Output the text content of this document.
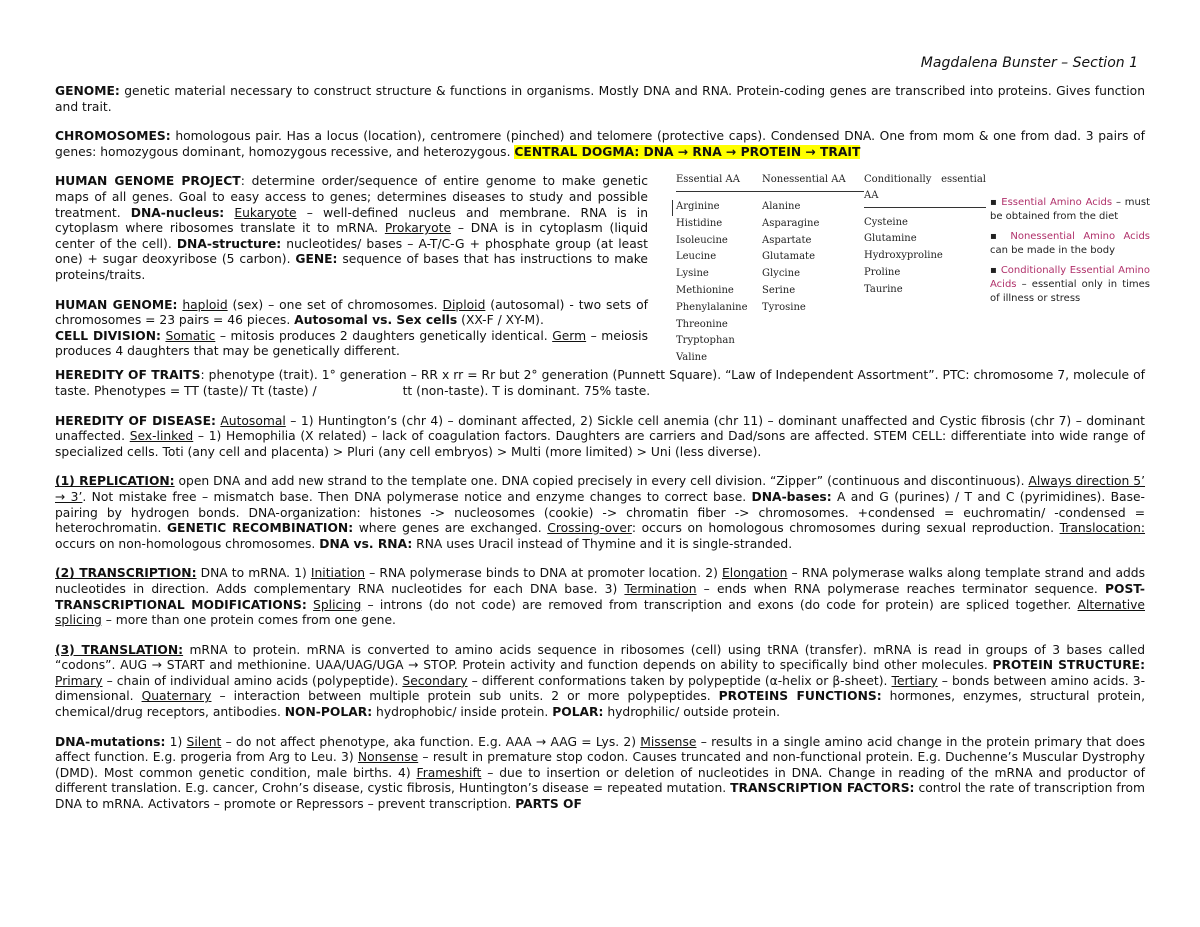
Magdalena Bunster – Section 1

GENOME: genetic material necessary to construct structure & functions in organisms. Mostly DNA and RNA. Protein-coding genes are transcribed into proteins. Gives function and trait.

CHROMOSOMES: homologous pair. Has a locus (location), centromere (pinched) and telomere (protective caps). Condensed DNA. One from mom & one from dad. 3 pairs of genes: homozygous dominant, homozygous recessive, and heterozygous. CENTRAL DOGMA: DNA → RNA → PROTEIN → TRAIT

HUMAN GENOME PROJECT: determine order/sequence of entire genome to make genetic maps of all genes. Goal to easy access to genes; determines diseases to study and possible treatment. DNA-nucleus: Eukaryote – well-defined nucleus and membrane. RNA is in cytoplasm where ribosomes translate it to mRNA. Prokaryote – DNA is in cytoplasm (liquid center of the cell). DNA-structure: nucleotides/ bases – A-T/C-G + phosphate group (at least one) + sugar deoxyribose (5 carbon). GENE: sequence of bases that has instructions to make proteins/traits.

HUMAN GENOME: haploid (sex) – one set of chromosomes. Diploid (autosomal) - two sets of chromosomes = 23 pairs = 46 pieces. Autosomal vs. Sex cells (XX-F / XY-M).
CELL DIVISION: Somatic – mitosis produces 2 daughters genetically identical. Germ – meiosis produces 4 daughters that may be genetically different.

Essential AA
Arginine
Histidine
Isoleucine
Leucine
Lysine
Methionine
Phenylalanine
Threonine
Tryptophan
Valine
Nonessential AA
Alanine
Asparagine
Aspartate
Glutamate
Glycine
Serine
Tyrosine
Conditionally essential AA
Cysteine
Glutamine
Hydroxyproline
Proline
Taurine
▪ Essential Amino Acids – must be obtained from the diet
▪ Nonessential Amino Acids can be made in the body
▪ Conditionally Essential Amino Acids – essential only in times of illness or stress

HEREDITY OF TRAITS: phenotype (trait). 1° generation – RR x rr = Rr but 2° generation (Punnett Square). “Law of Independent Assortment”. PTC: chromosome 7, molecule of taste. Phenotypes = TT (taste)/ Tt (taste) /	tt (non-taste). T is dominant. 75% taste.

HEREDITY OF DISEASE: Autosomal – 1) Huntington’s (chr 4) – dominant affected, 2) Sickle cell anemia (chr 11) – dominant unaffected and Cystic fibrosis (chr 7) – dominant unaffected. Sex-linked – 1) Hemophilia (X related) – lack of coagulation factors. Daughters are carriers and Dad/sons are affected. STEM CELL: differentiate into wide range of specialized cells. Toti (any cell and placenta) > Pluri (any cell embryos) > Multi (more limited) > Uni (less diverse).

(1) REPLICATION: open DNA and add new strand to the template one. DNA copied precisely in every cell division. “Zipper” (continuous and discontinuous). Always direction 5’ → 3’. Not mistake free – mismatch base. Then DNA polymerase notice and enzyme changes to correct base. DNA-bases: A and G (purines) / T and C (pyrimidines). Base-pairing by hydrogen bonds. DNA-organization: histones -> nucleosomes (cookie) -> chromatin fiber -> chromosomes. +condensed = euchromatin/ -condensed = heterochromatin. GENETIC RECOMBINATION: where genes are exchanged. Crossing-over: occurs on homologous chromosomes during sexual reproduction. Translocation: occurs on non-homologous chromosomes. DNA vs. RNA: RNA uses Uracil instead of Thymine and it is single-stranded.

(2) TRANSCRIPTION: DNA to mRNA. 1) Initiation – RNA polymerase binds to DNA at promoter location. 2) Elongation – RNA polymerase walks along template strand and adds nucleotides in direction. Adds complementary RNA nucleotides for each DNA base. 3) Termination – ends when RNA polymerase reaches terminator sequence. POST-TRANSCRIPTIONAL MODIFICATIONS: Splicing – introns (do not code) are removed from transcription and exons (do code for protein) are spliced together. Alternative splicing – more than one protein comes from one gene.

(3) TRANSLATION: mRNA to protein. mRNA is converted to amino acids sequence in ribosomes (cell) using tRNA (transfer). mRNA is read in groups of 3 bases called “codons”. AUG → START and methionine. UAA/UAG/UGA → STOP. Protein activity and function depends on ability to specifically bind other molecules. PROTEIN STRUCTURE: Primary – chain of individual amino acids (polypeptide). Secondary – different conformations taken by polypeptide (α-helix or β-sheet). Tertiary – bonds between amino acids. 3-dimensional. Quaternary – interaction between multiple protein sub units. 2 or more polypeptides. PROTEINS FUNCTIONS: hormones, enzymes, structural protein, chemical/drug receptors, antibodies. NON-POLAR: hydrophobic/ inside protein. POLAR: hydrophilic/ outside protein.

DNA-mutations: 1) Silent – do not affect phenotype, aka function. E.g. AAA → AAG = Lys. 2) Missense – results in a single amino acid change in the protein primary that does affect function. E.g. progeria from Arg to Leu. 3) Nonsense – result in premature stop codon. Causes truncated and non-functional protein. E.g. Duchenne’s Muscular Dystrophy (DMD). Most common genetic condition, male births. 4) Frameshift – due to insertion or deletion of nucleotides in DNA. Change in reading of the mRNA and productor of different translation. E.g. cancer, Crohn’s disease, cystic fibrosis, Huntington’s disease = repeated mutation. TRANSCRIPTION FACTORS: control the rate of transcription from DNA to mRNA. Activators – promote or Repressors – prevent transcription. PARTS OF
